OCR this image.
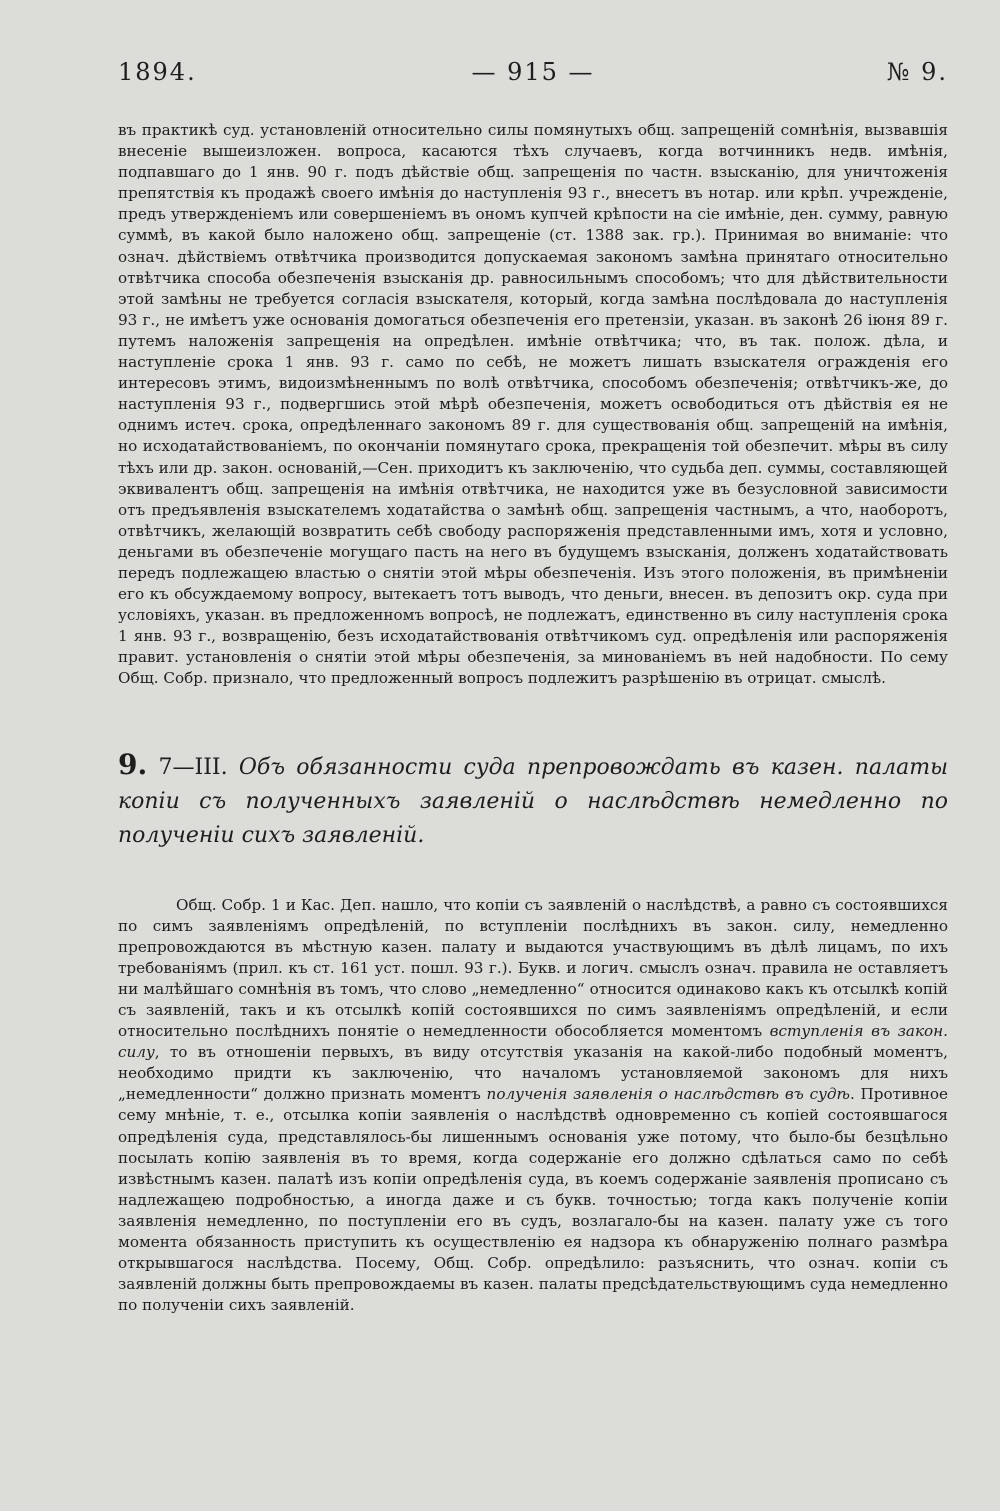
1894.	— 915 —	№ 9.

въ практикѣ суд. установленій относительно силы помянутыхъ общ. запрещеній сомнѣнія, вызвавшія внесеніе вышеизложен. вопроса, касаются тѣхъ случаевъ, когда вотчинникъ недв. имѣнія, подпавшаго до 1 янв. 90 г. подъ дѣйствіе общ. запрещенія по частн. взысканію, для уничтоженія препятствія къ продажѣ своего имѣнія до наступленія 93 г., внесетъ въ нотар. или крѣп. учрежденіе, предъ утвержденіемъ или совершеніемъ въ ономъ купчей крѣпости на сіе имѣніе, ден. сумму, равную суммѣ, въ какой было наложено общ. запрещеніе (ст. 1388 зак. гр.). Принимая во вниманіе: что означ. дѣйствіемъ отвѣтчика производится допускаемая закономъ замѣна принятаго относительно отвѣтчика способа обезпеченія взысканія др. равносильнымъ способомъ; что для дѣйствительности этой замѣны не требуется согласія взыскателя, который, когда замѣна послѣдовала до наступленія 93 г., не имѣетъ уже основанія домогаться обезпеченія его претензіи, указан. въ законѣ 26 іюня 89 г. путемъ наложенія запрещенія на опредѣлен. имѣніе отвѣтчика; что, въ так. полож. дѣла, и наступленіе срока 1 янв. 93 г. само по себѣ, не можетъ лишать взыскателя огражденія его интересовъ этимъ, видоизмѣненнымъ по волѣ отвѣтчика, способомъ обезпеченія; отвѣтчикъ-же, до наступленія 93 г., подвергшись этой мѣрѣ обезпеченія, можетъ освободиться отъ дѣйствія ея не однимъ истеч. срока, опредѣленнаго закономъ 89 г. для существованія общ. запрещеній на имѣнія, но исходатайствованіемъ, по окончаніи помянутаго срока, прекращенія той обезпечит. мѣры въ силу тѣхъ или др. закон. основаній,—Сен. приходитъ къ заключенію, что судьба деп. суммы, составляющей эквивалентъ общ. запрещенія на имѣнія отвѣтчика, не находится уже въ безусловной зависимости отъ предъявленія взыскателемъ ходатайства о замѣнѣ общ. запрещенія частнымъ, а что, наоборотъ, отвѣтчикъ, желающій возвратить себѣ свободу распоряженія представленными имъ, хотя и условно, деньгами въ обезпеченіе могущаго пасть на него въ будущемъ взысканія, долженъ ходатайствовать передъ подлежащею властью о снятіи этой мѣры обезпеченія. Изъ этого положенія, въ примѣненіи его къ обсуждаемому вопросу, вытекаетъ тотъ выводъ, что деньги, внесен. въ депозитъ окр. суда при условіяхъ, указан. въ предложенномъ вопросѣ, не подлежатъ, единственно въ силу наступленія срока 1 янв. 93 г., возвращенію, безъ исходатайствованія отвѣтчикомъ суд. опредѣленія или распоряженія правит. установленія о снятіи этой мѣры обезпеченія, за минованіемъ въ ней надобности. По сему Общ. Собр. признало, что предложенный вопросъ подлежитъ разрѣшенію въ отрицат. смыслѣ.

9. 7—III. Объ обязанности суда препровождать въ казен. палаты копіи съ полученныхъ заявленій о наслѣдствѣ немедленно по полученіи сихъ заявленій.

Общ. Собр. 1 и Кас. Деп. нашло, что копіи съ заявленій о наслѣдствѣ, а равно съ состоявшихся по симъ заявленіямъ опредѣленій, по вступленіи послѣднихъ въ закон. силу, немедленно препровождаются въ мѣстную казен. палату и выдаются участвующимъ въ дѣлѣ лицамъ, по ихъ требованіямъ (прил. къ ст. 161 уст. пошл. 93 г.). Букв. и логич. смыслъ означ. правила не оставляетъ ни малѣйшаго сомнѣнія въ томъ, что слово „немедленно“ относится одинаково какъ къ отсылкѣ копій съ заявленій, такъ и къ отсылкѣ копій состоявшихся по симъ заявленіямъ опредѣленій, и если относительно послѣднихъ понятіе о немедленности обособляется моментомъ вступленія въ закон. силу, то въ отношеніи первыхъ, въ виду отсутствія указанія на какой-либо подобный моментъ, необходимо придти къ заключенію, что началомъ установляемой закономъ для нихъ „немедленности“ должно признать моментъ полученія заявленія о наслѣдствѣ въ судѣ. Противное сему мнѣніе, т. е., отсылка копіи заявленія о наслѣдствѣ одновременно съ копіей состоявшагося опредѣленія суда, представлялось-бы лишеннымъ основанія уже потому, что было-бы безцѣльно посылать копію заявленія въ то время, когда содержаніе его должно сдѣлаться само по себѣ извѣстнымъ казен. палатѣ изъ копіи опредѣленія суда, въ коемъ содержаніе заявленія прописано съ надлежащею подробностью, а иногда даже и съ букв. точностью; тогда какъ полученіе копіи заявленія немедленно, по поступленіи его въ судъ, возлагало-бы на казен. палату уже съ того момента обязанность приступить къ осуществленію ея надзора къ обнаруженію полнаго размѣра открывшагося наслѣдства. Посему, Общ. Собр. опредѣлило: разъяснить, что означ. копіи съ заявленій должны быть препровождаемы въ казен. палаты предсѣдательствующимъ суда немедленно по полученіи сихъ заявленій.
